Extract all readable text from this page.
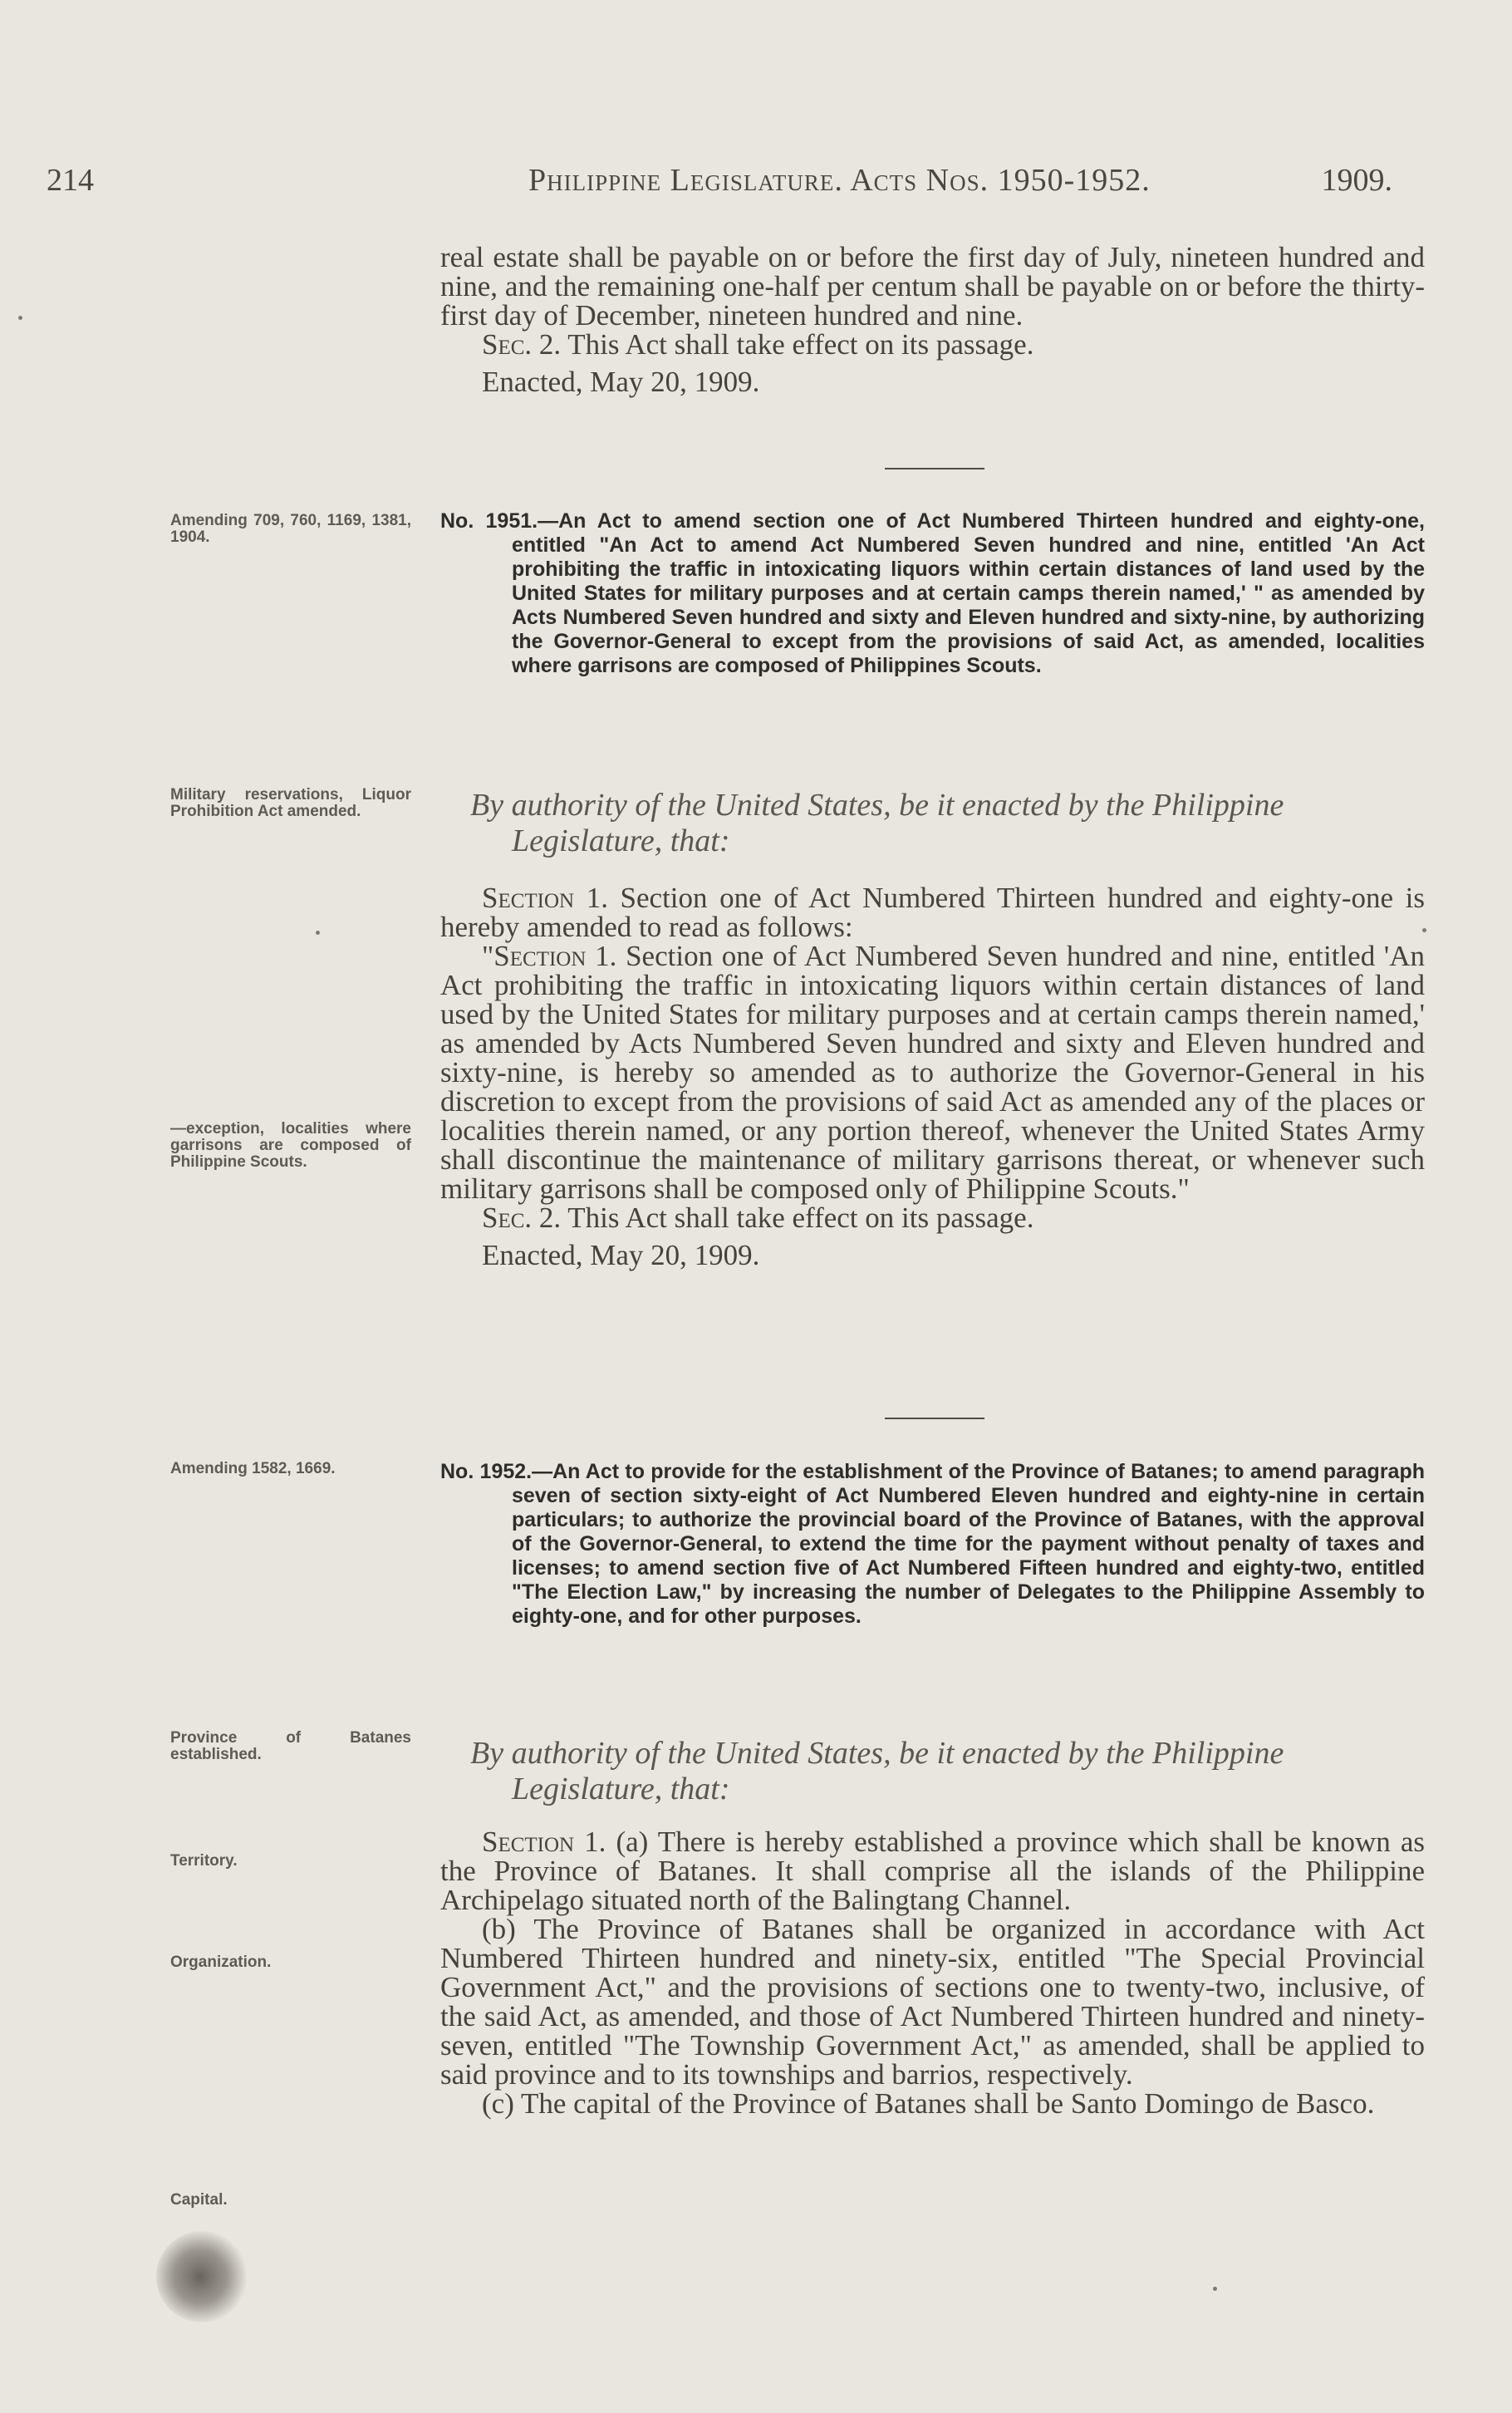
214	Philippine Legislature. Acts Nos. 1950-1952.	1909.

real estate shall be payable on or before the first day of July, nineteen hundred and nine, and the remaining one-half per centum shall be payable on or before the thirty-first day of December, nineteen hundred and nine.

Sec. 2. This Act shall take effect on its passage.

Enacted, May 20, 1909.

Amending 709, 760, 1169, 1381, 1904.
No. 1951.—An Act to amend section one of Act Numbered Thirteen hundred and eighty-one, entitled "An Act to amend Act Numbered Seven hundred and nine, entitled 'An Act prohibiting the traffic in intoxicating liquors within certain distances of land used by the United States for military purposes and at certain camps therein named,' " as amended by Acts Numbered Seven hundred and sixty and Eleven hundred and sixty-nine, by authorizing the Governor-General to except from the provisions of said Act, as amended, localities where garrisons are composed of Philippines Scouts.
Military reservations, Liquor Prohibition Act amended.	By authority of the United States, be it enacted by the Philippine Legislature, that:

Section 1. Section one of Act Numbered Thirteen hundred and eighty-one is hereby amended to read as follows:

"Section 1. Section one of Act Numbered Seven hundred and nine, entitled 'An Act prohibiting the traffic in intoxicating liquors within certain distances of land used by the United States for military purposes and at certain camps therein named,' as amended by Acts Numbered Seven hundred and sixty and Eleven hundred and sixty-nine, is hereby so amended as to authorize the Governor-General in his discretion to except from the provisions of said Act as amended any of the places or localities therein named, or any portion thereof, whenever the United States Army shall discontinue the maintenance of military garrisons thereat, or whenever such military garrisons shall be composed only of Philippine Scouts."

Sec. 2. This Act shall take effect on its passage.

Enacted, May 20, 1909.

—exception, localities where garrisons are composed of Philippine Scouts.
Amending 1582, 1669.	No. 1952.—An Act to provide for the establishment of the Province of Batanes; to amend paragraph seven of section sixty-eight of Act Numbered Eleven hundred and eighty-nine in certain particulars; to authorize the provincial board of the Province of Batanes, with the approval of the Governor-General, to extend the time for the payment without penalty of taxes and licenses; to amend section five of Act Numbered Fifteen hundred and eighty-two, entitled "The Election Law," by increasing the number of Delegates to the Philippine Assembly to eighty-one, and for other purposes.
Province of Batanes established.	By authority of the United States, be it enacted by the Philippine Legislature, that:
Territory.
Organization.
Capital.

Section 1. (a) There is hereby established a province which shall be known as the Province of Batanes. It shall comprise all the islands of the Philippine Archipelago situated north of the Balingtang Channel.

(b) The Province of Batanes shall be organized in accordance with Act Numbered Thirteen hundred and ninety-six, entitled "The Special Provincial Government Act," and the provisions of sections one to twenty-two, inclusive, of the said Act, as amended, and those of Act Numbered Thirteen hundred and ninety-seven, entitled "The Township Government Act," as amended, shall be applied to said province and to its townships and barrios, respectively.

(c) The capital of the Province of Batanes shall be Santo Domingo de Basco.
